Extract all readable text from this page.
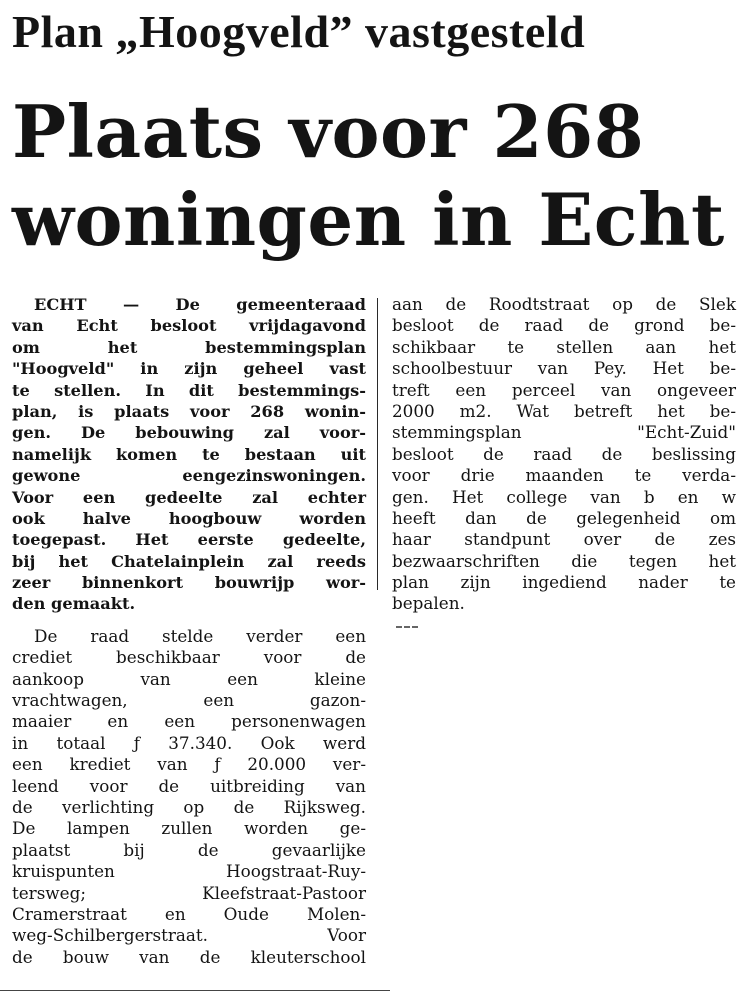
Plan „Hoogveld” vastgesteld
Plaats voor 268
woningen in Echt
ECHT — De gemeenteraad
van Echt besloot vrijdagavond
om het bestemmingsplan
"Hoogveld" in zijn geheel vast
te stellen. In dit bestemmings-
plan, is plaats voor 268 wonin-
gen. De bebouwing zal voor-
namelijk komen te bestaan uit
gewone eengezinswoningen.
Voor een gedeelte zal echter
ook halve hoogbouw worden
toegepast. Het eerste gedeelte,
bij het Chatelainplein zal reeds
zeer binnenkort bouwrijp wor-
den gemaakt.
De raad stelde verder een
crediet beschikbaar voor de
aankoop van een kleine
vrachtwagen, een gazon-
maaier en een personenwagen
in totaal ƒ 37.340. Ook werd
een krediet van ƒ 20.000 ver-
leend voor de uitbreiding van
de verlichting op de Rijksweg.
De lampen zullen worden ge-
plaatst bij de gevaarlijke
kruispunten Hoogstraat-Ruy-
tersweg; Kleefstraat-Pastoor
Cramerstraat en Oude Molen-
weg-Schilbergerstraat. Voor
de bouw van de kleuterschool
aan de Roodtstraat op de Slek
besloot de raad de grond be-
schikbaar te stellen aan het
schoolbestuur van Pey. Het be-
treft een perceel van ongeveer
2000 m2. Wat betreft het be-
stemmingsplan "Echt-Zuid"
besloot de raad de beslissing
voor drie maanden te verda-
gen. Het college van b en w
heeft dan de gelegenheid om
haar standpunt over de zes
bezwaarschriften die tegen het
plan zijn ingediend nader te
bepalen.
